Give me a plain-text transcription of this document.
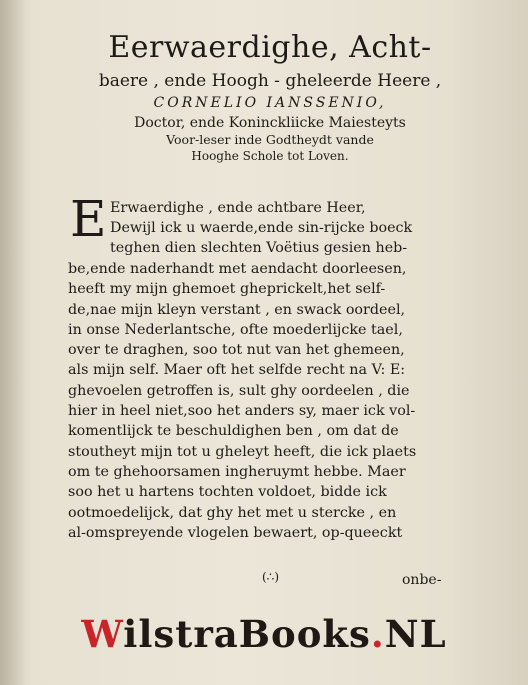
Eerwaerdighe, Acht-
baere , ende Hoogh - gheleerde Heere ,
CORNELIO IANSSENIO,
Doctor, ende Koninckliicke Maiesteyts
Voor-leser inde Godtheydt vande
Hooghe Schole tot Loven.
E Erwaerdighe , ende achtbare Heer,
Dewijl ick u waerde,ende sin-rijcke boeck
teghen dien slechten Voëtius gesien heb-
be,ende naderhandt met aendacht doorleesen,
heeft my mijn ghemoet gheprickelt,het self-
de,nae mijn kleyn verstant , en swack oordeel,
in onse Nederlantsche, ofte moederlijcke tael,
over te draghen, soo tot nut van het ghemeen,
als mijn self. Maer oft het selfde recht na V: E:
ghevoelen getroffen is, sult ghy oordeelen , die
hier in heel niet,soo het anders sy, maer ick vol-
komentlijck te beschuldighen ben , om dat de
stoutheyt mijn tot u gheleyt heeft, die ick plaets
om te ghehoorsamen ingheruymt hebbe. Maer
soo het u hartens tochten voldoet, bidde ick
ootmoedelijck, dat ghy het met u stercke , en
al-omspreyende vlogelen bewaert, op-queeckt
(∴)	onbe-
WilstraBooks.NL
